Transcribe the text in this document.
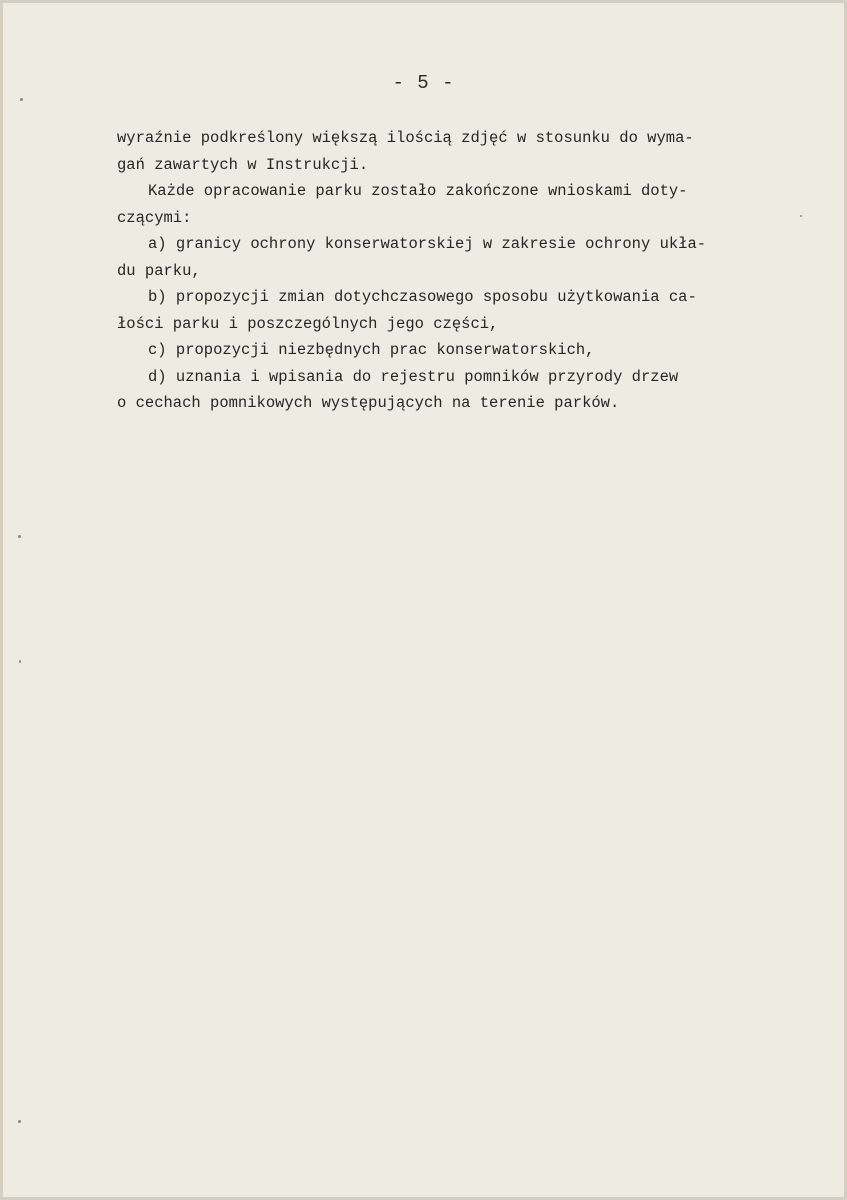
- 5 -
wyraźnie podkreślony większą ilością zdjęć w stosunku do wyma-
gań zawartych w Instrukcji.
Każde opracowanie parku zostało zakończone wnioskami doty-
czącymi:
a) granicy ochrony konserwatorskiej w zakresie ochrony ukła-
du parku,
b) propozycji zmian dotychczasowego sposobu użytkowania ca-
łości parku i poszczególnych jego części,
c) propozycji niezbędnych prac konserwatorskich,
d) uznania i wpisania do rejestru pomników przyrody drzew
o cechach pomnikowych występujących na terenie parków.
